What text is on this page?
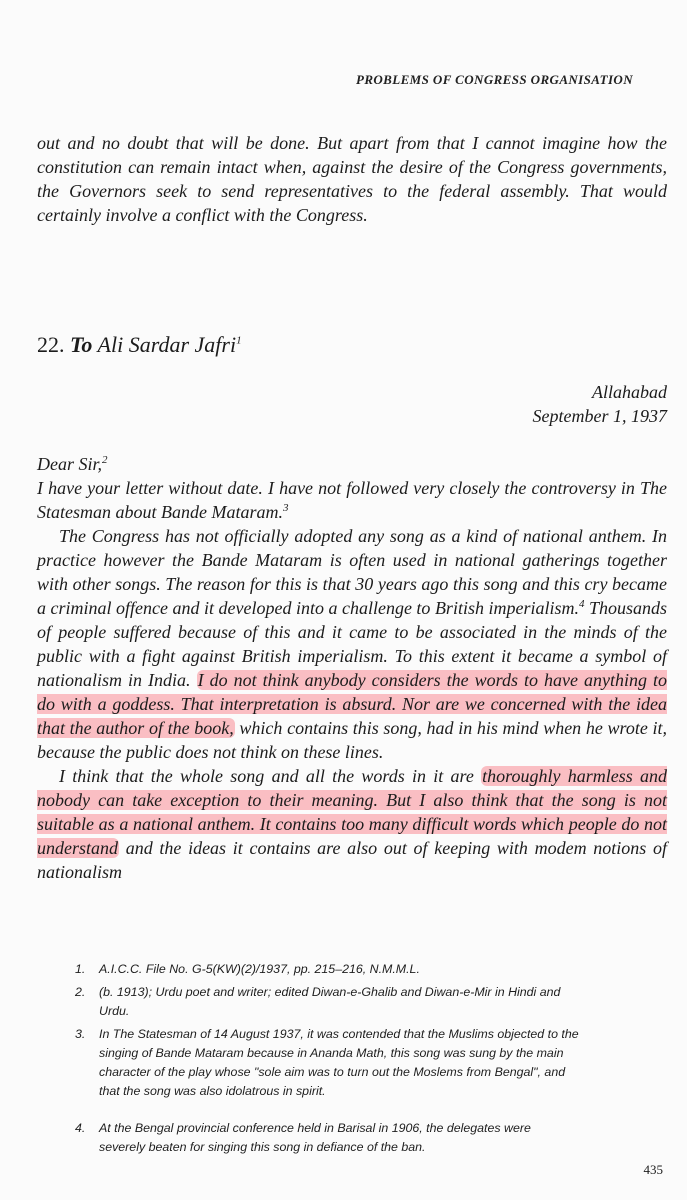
PROBLEMS OF CONGRESS ORGANISATION

out and no doubt that will be done. But apart from that I cannot imagine how the constitution can remain intact when, against the desire of the Congress governments, the Governors seek to send representatives to the federal assembly. That would certainly involve a conflict with the Congress.

22. To Ali Sardar Jafri$^1$
Allahabad
September 1, 1937

Dear Sir,$^2$

I have your letter without date. I have not followed very closely the controversy in The Statesman about Bande Mataram.$^3$

The Congress has not officially adopted any song as a kind of national anthem. In practice however the Bande Mataram is often used in national gatherings together with other songs. The reason for this is that 30 years ago this song and this cry became a criminal offence and it developed into a challenge to British imperialism.$^4$ Thousands of people suffered because of this and it came to be associated in the minds of the public with a fight against British imperialism. To this extent it became a symbol of nationalism in India. I do not think anybody considers the words to have anything to do with a goddess. That interpretation is absurd. Nor are we concerned with the idea that the author of the book, which contains this song, had in his mind when he wrote it, because the public does not think on these lines.

I think that the whole song and all the words in it are thoroughly harmless and nobody can take exception to their meaning. But I also think that the song is not suitable as a national anthem. It contains too many difficult words which people do not understand and the ideas it contains are also out of keeping with modem notions of nationalism

1.	A.I.C.C. File No. G-5(KW)(2)/1937, pp. 215–216, N.M.M.L.
2.	(b. 1913); Urdu poet and writer; edited Diwan-e-Ghalib and Diwan-e-Mir in Hindi and Urdu.
3.	In The Statesman of 14 August 1937, it was contended that the Muslims objected to the singing of Bande Mataram because in Ananda Math, this song was sung by the main character of the play whose "sole aim was to turn out the Moslems from Bengal", and that the song was also idolatrous in spirit.
4.	At the Bengal provincial conference held in Barisal in 1906, the delegates were severely beaten for singing this song in defiance of the ban.
435
